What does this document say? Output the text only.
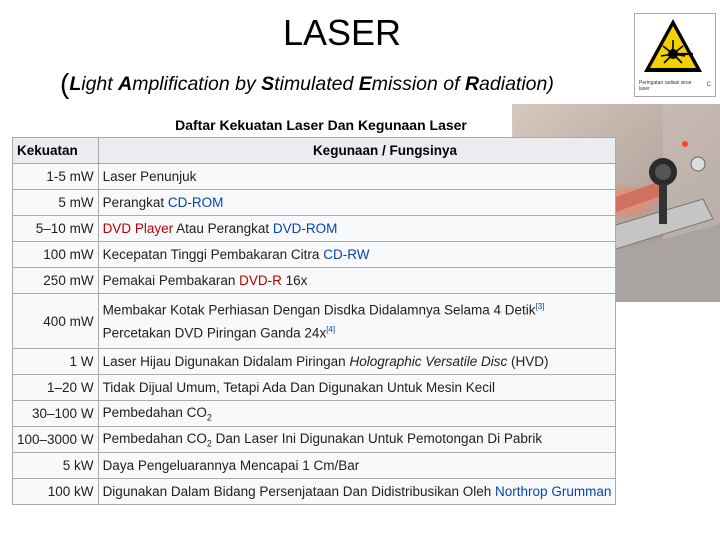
LASER
(Light Amplification by Stimulated Emission of Radiation)	Peringatan radiasi sinar laser
C
Daftar Kekuatan Laser Dan Kegunaan Laser
Kekuatan	Kegunaan / Fungsinya
1-5 mW	Laser Penunjuk
5 mW	Perangkat CD-ROM
5–10 mW	DVD Player Atau Perangkat DVD-ROM
100 mW	Kecepatan Tinggi Pembakaran Citra CD-RW
250 mW	Pemakai Pembakaran DVD-R 16x
400 mW	Membakar Kotak Perhiasan Dengan Disdka Didalamnya Selama 4 Detik[3]
Percetakan DVD Piringan Ganda 24x[4]

1 W	Laser Hijau Digunakan Didalam Piringan Holographic Versatile Disc (HVD)
1–20 W	Tidak Dijual Umum, Tetapi Ada Dan Digunakan Untuk Mesin Kecil
30–100 W	Pembedahan $CO_2$
100–3000 W	Pembedahan $CO_2$ Dan Laser Ini Digunakan Untuk Pemotongan Di Pabrik
5 kW	Daya Pengeluarannya Mencapai 1 Cm/Bar
100 kW	Digunakan Dalam Bidang Persenjataan Dan Didistribusikan Oleh Northrop Grumman
